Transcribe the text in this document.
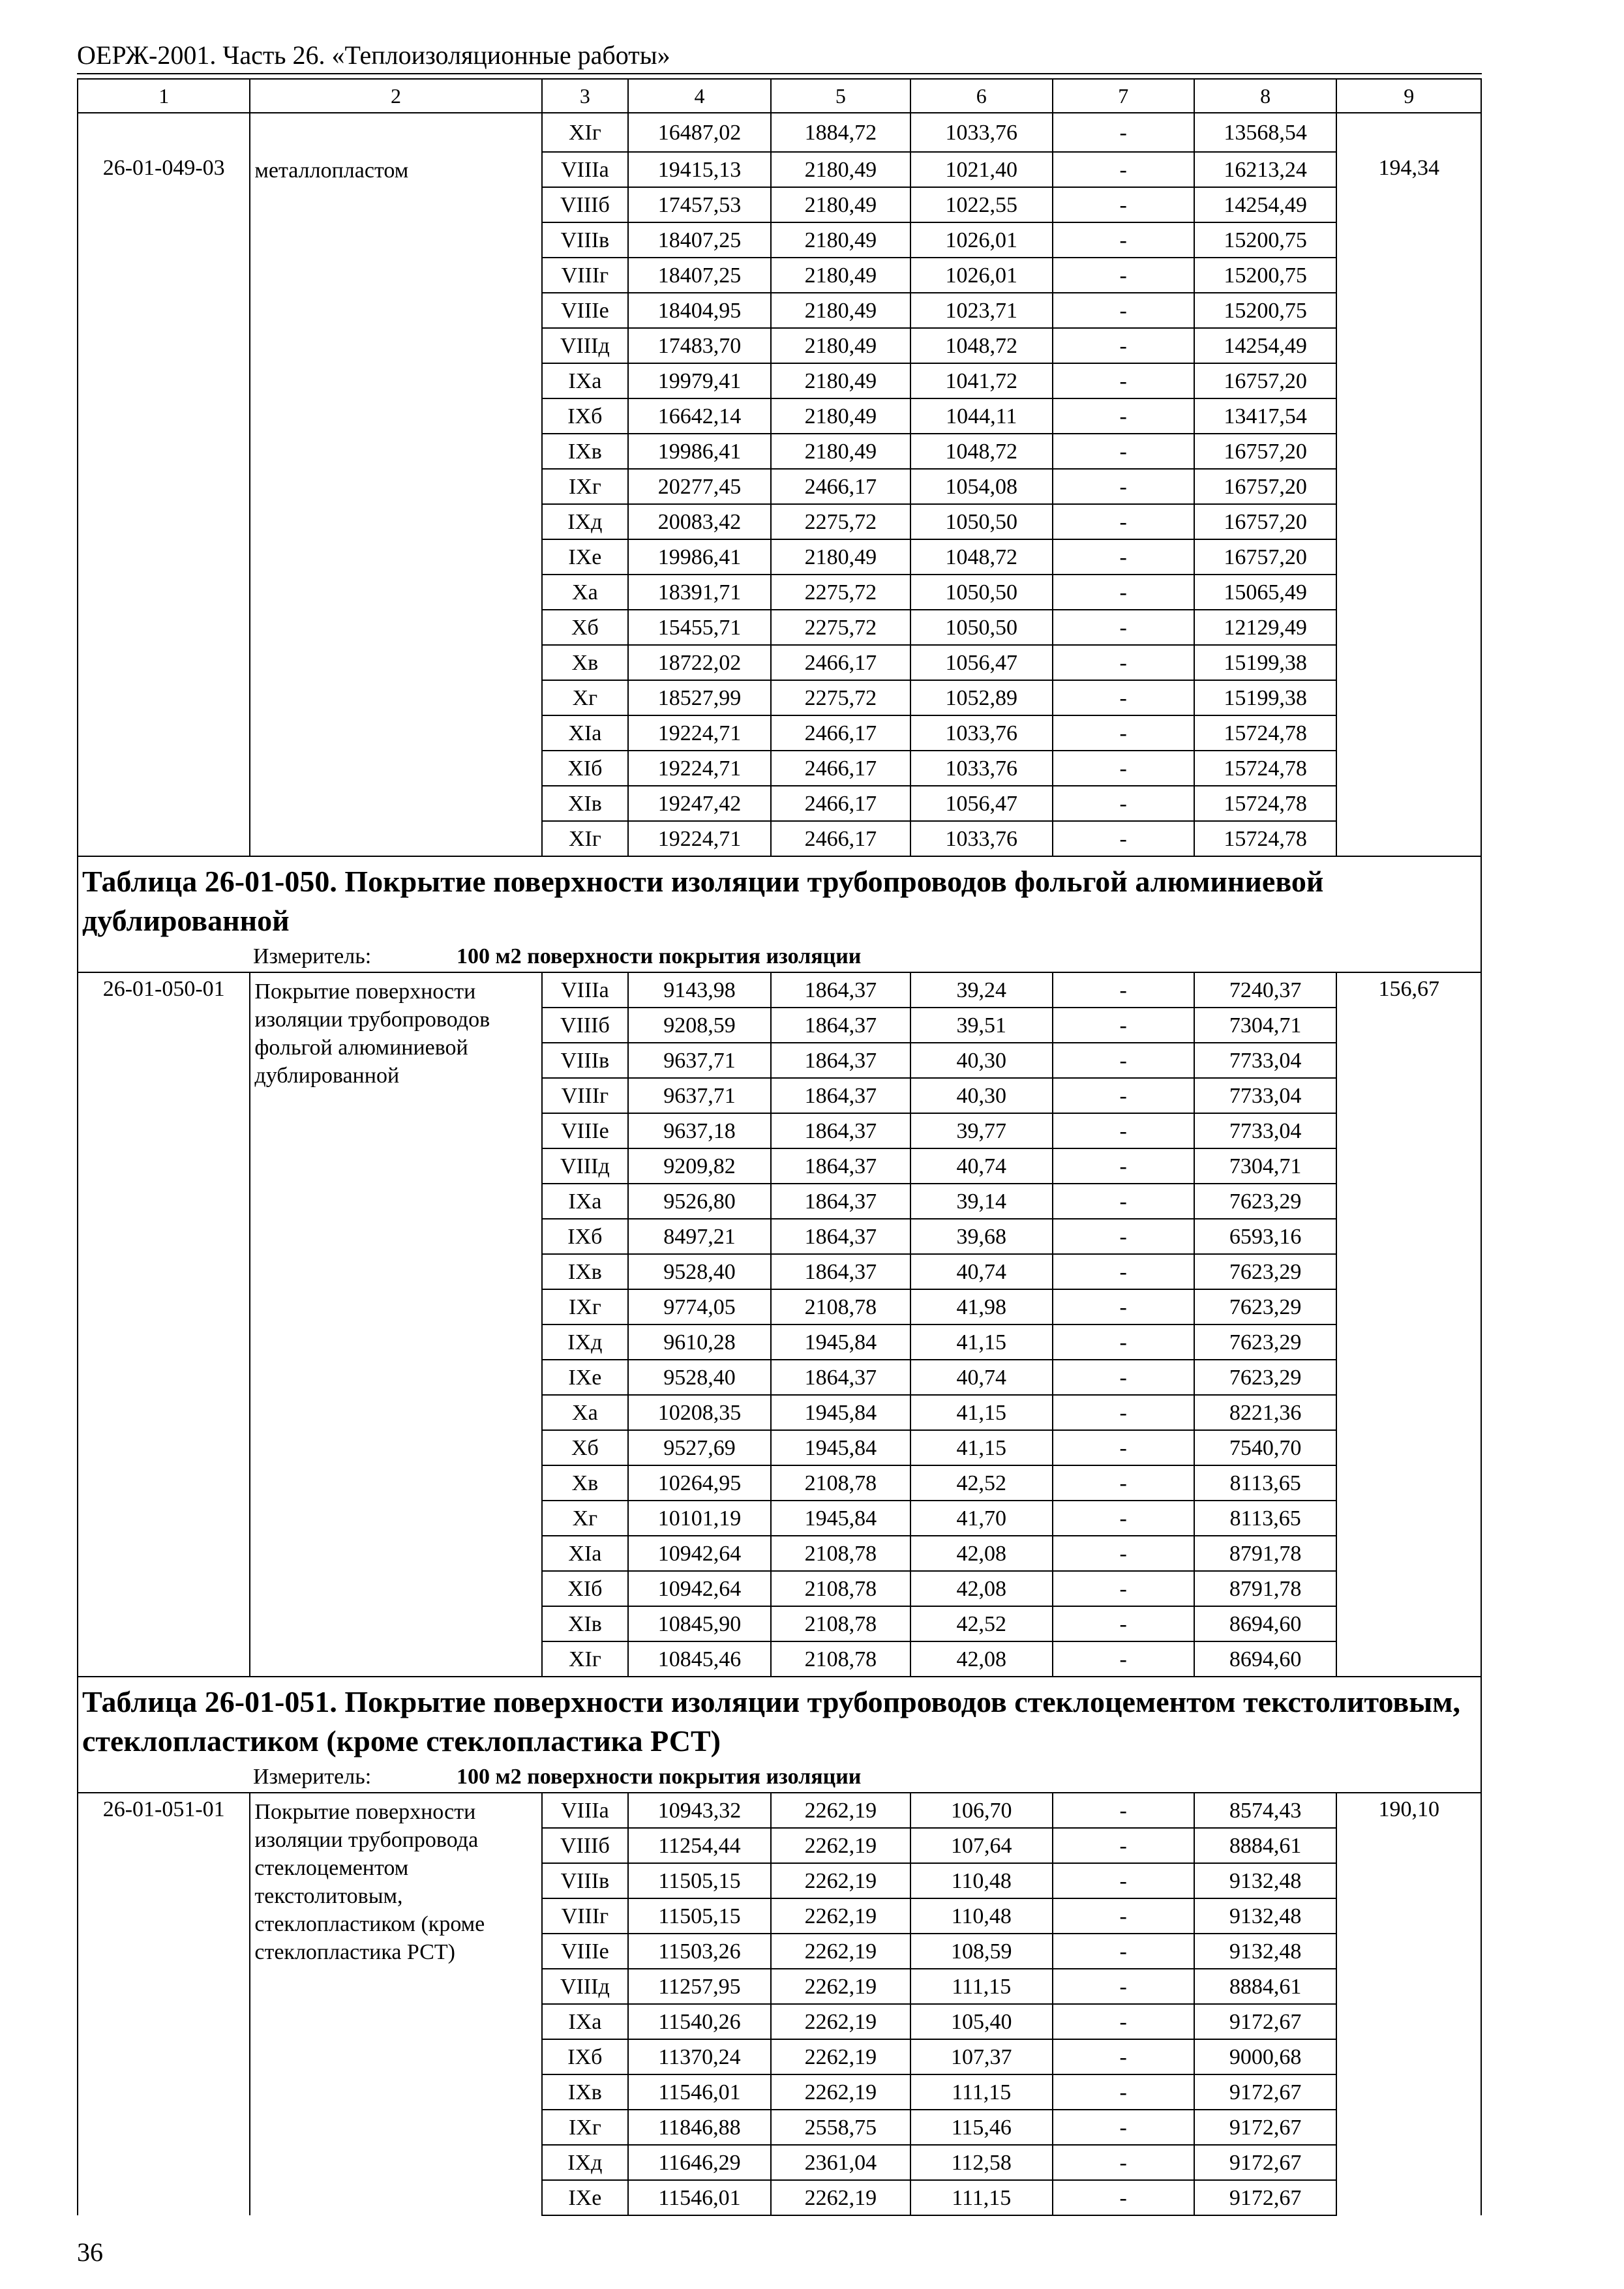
ОЕРЖ-2001. Часть 26. «Теплоизоляционные работы»
1	2	3	4	5	6	7	8	9
		XIг	16487,02	1884,72	1033,76	-	13568,54	
26-01-049-03	металлопластом	VIIIа	19415,13	2180,49	1021,40	-	16213,24	194,34
		VIIIб	17457,53	2180,49	1022,55	-	14254,49	
		VIIIв	18407,25	2180,49	1026,01	-	15200,75	
		VIIIг	18407,25	2180,49	1026,01	-	15200,75	
		VIIIе	18404,95	2180,49	1023,71	-	15200,75	
		VIIIд	17483,70	2180,49	1048,72	-	14254,49	
		IXа	19979,41	2180,49	1041,72	-	16757,20	
		IXб	16642,14	2180,49	1044,11	-	13417,54	
		IXв	19986,41	2180,49	1048,72	-	16757,20	
		IXг	20277,45	2466,17	1054,08	-	16757,20	
		IXд	20083,42	2275,72	1050,50	-	16757,20	
		IXе	19986,41	2180,49	1048,72	-	16757,20	
		Xа	18391,71	2275,72	1050,50	-	15065,49	
		Xб	15455,71	2275,72	1050,50	-	12129,49	
		Xв	18722,02	2466,17	1056,47	-	15199,38	
		Xг	18527,99	2275,72	1052,89	-	15199,38	
		XIа	19224,71	2466,17	1033,76	-	15724,78	
		XIб	19224,71	2466,17	1033,76	-	15724,78	
		XIв	19247,42	2466,17	1056,47	-	15724,78	
		XIг	19224,71	2466,17	1033,76	-	15724,78	
Таблица 26-01-050. Покрытие поверхности изоляции трубопроводов фольгой алюминиевой дублированной								
Измеритель: 100 м2 поверхности покрытия изоляции								
26-01-050-01	Покрытие поверхности изоляции трубопроводов фольгой алюминиевой дублированной	VIIIа	9143,98	1864,37	39,24	-	7240,37	156,67
		VIIIб	9208,59	1864,37	39,51	-	7304,71	
		VIIIв	9637,71	1864,37	40,30	-	7733,04	
		VIIIг	9637,71	1864,37	40,30	-	7733,04	
		VIIIе	9637,18	1864,37	39,77	-	7733,04	
		VIIIд	9209,82	1864,37	40,74	-	7304,71	
		IXа	9526,80	1864,37	39,14	-	7623,29	
		IXб	8497,21	1864,37	39,68	-	6593,16	
		IXв	9528,40	1864,37	40,74	-	7623,29	
		IXг	9774,05	2108,78	41,98	-	7623,29	
		IXд	9610,28	1945,84	41,15	-	7623,29	
		IXе	9528,40	1864,37	40,74	-	7623,29	
		Xа	10208,35	1945,84	41,15	-	8221,36	
		Xб	9527,69	1945,84	41,15	-	7540,70	
		Xв	10264,95	2108,78	42,52	-	8113,65	
		Xг	10101,19	1945,84	41,70	-	8113,65	
		XIа	10942,64	2108,78	42,08	-	8791,78	
		XIб	10942,64	2108,78	42,08	-	8791,78	
		XIв	10845,90	2108,78	42,52	-	8694,60	
		XIг	10845,46	2108,78	42,08	-	8694,60	
Таблица 26-01-051. Покрытие поверхности изоляции трубопроводов стеклоцементом текстолитовым, стеклопластиком (кроме стеклопластика РСТ)								
Измеритель: 100 м2 поверхности покрытия изоляции								
26-01-051-01	Покрытие поверхности изоляции трубопровода стеклоцементом текстолитовым, стеклопластиком (кроме стеклопластика РСТ)	VIIIа	10943,32	2262,19	106,70	-	8574,43	190,10
		VIIIб	11254,44	2262,19	107,64	-	8884,61	
		VIIIв	11505,15	2262,19	110,48	-	9132,48	
		VIIIг	11505,15	2262,19	110,48	-	9132,48	
		VIIIе	11503,26	2262,19	108,59	-	9132,48	
		VIIIд	11257,95	2262,19	111,15	-	8884,61	
		IXа	11540,26	2262,19	105,40	-	9172,67	
		IXб	11370,24	2262,19	107,37	-	9000,68	
		IXв	11546,01	2262,19	111,15	-	9172,67	
		IXг	11846,88	2558,75	115,46	-	9172,67	
		IXд	11646,29	2361,04	112,58	-	9172,67	
		IXе	11546,01	2262,19	111,15	-	9172,67	
36
